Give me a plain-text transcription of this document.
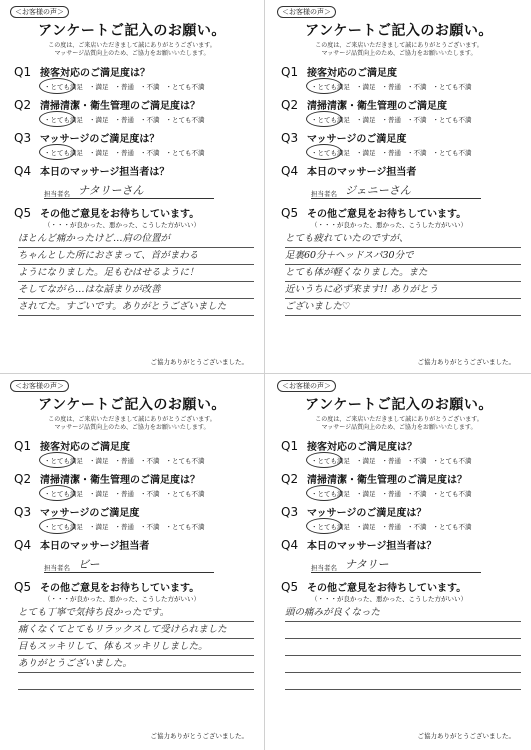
＜お客様の声＞
アンケートご記入のお願い。
この度は、ご来店いただきまして誠にありがとうございます。
マッサージ品質向上のため、ご協力をお願いいたします。
Q1 接客対応のご満足度は？
・とても満足 ・満足 ・普通 ・不満 ・とても不満
Q2 清掃清潔・衛生管理のご満足度は？
・とても満足 ・満足 ・普通 ・不満 ・とても不満
Q3 マッサージのご満足度は？
・とても満足 ・満足 ・普通 ・不満 ・とても不満
Q4 本日のマッサージ担当者は？
担当者名 ナタリーさん
Q5 その他ご意見をお待ちしています。
（・・・が良かった、悪かった、こうした方がいい）
ほとんど痛かったけど…肩の位置が
ちゃんとした所におさまって、首がまわる
ようになりました。足もむはせるように！
そしてながら…はな話まりが改善
されてた。すごいです。ありがとうございました
ご協力ありがとうございました。
＜お客様の声＞
アンケートご記入のお願い。
この度は、ご来店いただきまして誠にありがとうございます。
マッサージ品質向上のため、ご協力をお願いいたします。
Q1 接客対応のご満足度
・とても満足 ・満足 ・普通 ・不満 ・とても不満
Q2 清掃清潔・衛生管理のご満足度
・とても満足 ・満足 ・普通 ・不満 ・とても不満
Q3 マッサージのご満足度
・とても満足 ・満足 ・普通 ・不満 ・とても不満
Q4 本日のマッサージ担当者
担当者名 ジェニーさん
Q5 その他ご意見をお待ちしています。
（・・・が良かった、悪かった、こうした方がいい）
とても疲れていたのですが、
足裏60分＋ヘッドスパ30分で
とても体が軽くなりました。また
近いうちに必ず来ます!! ありがとう
ございました♡
ご協力ありがとうございました。
＜お客様の声＞
アンケートご記入のお願い。
この度は、ご来店いただきまして誠にありがとうございます。
マッサージ品質向上のため、ご協力をお願いいたします。
Q1 接客対応のご満足度
・とても満足 ・満足 ・普通 ・不満 ・とても不満
Q2 清掃清潔・衛生管理のご満足度は？
・とても満足 ・満足 ・普通 ・不満 ・とても不満
Q3 マッサージのご満足度
・とても満足 ・満足 ・普通 ・不満 ・とても不満
Q4 本日のマッサージ担当者
担当者名 ビー
Q5 その他ご意見をお待ちしています。
（・・・が良かった、悪かった、こうした方がいい）
とても丁寧で気持ち良かったです。
痛くなくてとてもリラックスして受けられました
目もスッキリして、体もスッキリしました。
ありがとうございました。
ご協力ありがとうございました。
＜お客様の声＞
アンケートご記入のお願い。
この度は、ご来店いただきまして誠にありがとうございます。
マッサージ品質向上のため、ご協力をお願いいたします。
Q1 接客対応のご満足度は？
・とても満足 ・満足 ・普通 ・不満 ・とても不満
Q2 清掃清潔・衛生管理のご満足度は？
・とても満足 ・満足 ・普通 ・不満 ・とても不満
Q3 マッサージのご満足度は？
・とても満足 ・満足 ・普通 ・不満 ・とても不満
Q4 本日のマッサージ担当者は？
担当者名 ナタリー
Q5 その他ご意見をお待ちしています。
（・・・が良かった、悪かった、こうした方がいい）
頭の痛みが良くなった
ご協力ありがとうございました。
